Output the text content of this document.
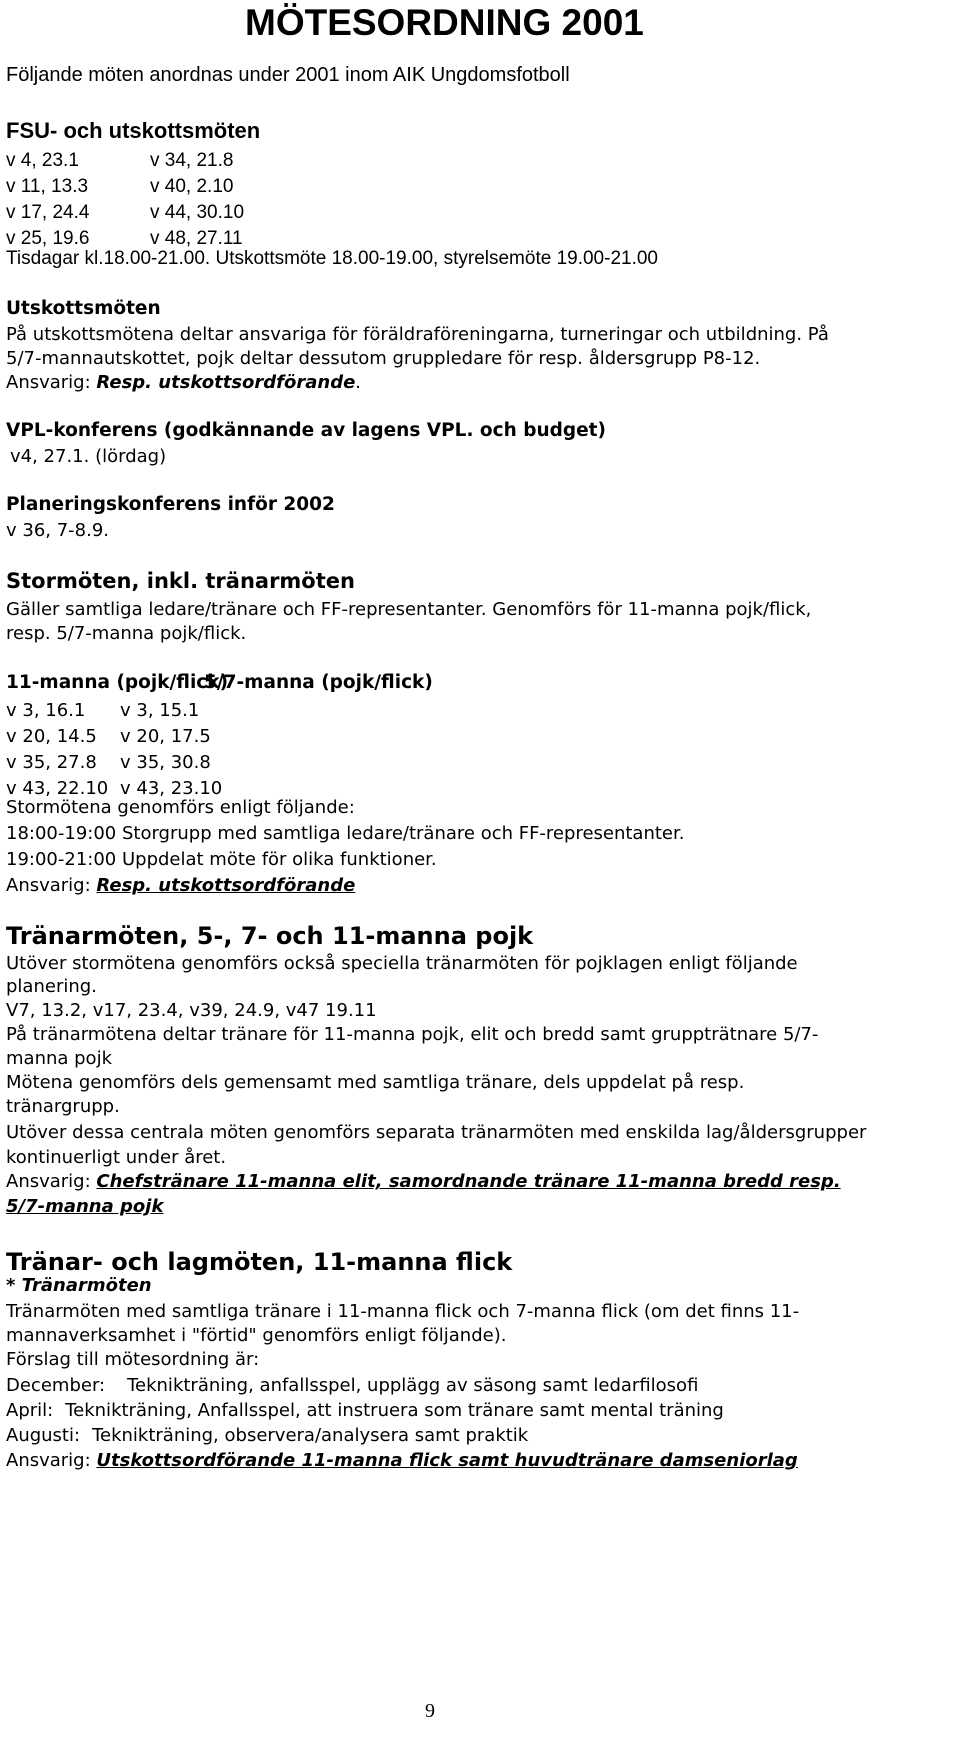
MÖTESORDNING 2001
Följande möten anordnas under 2001 inom AIK Ungdomsfotboll
FSU- och utskottsmöten
v 4, 23.1
v 11, 13.3
v 17, 24.4
v 25, 19.6
v 34, 21.8
v 40, 2.10
v 44, 30.10
v 48, 27.11
Tisdagar kl.18.00-21.00. Utskottsmöte 18.00-19.00, styrelsemöte 19.00-21.00
Utskottsmöten
På utskottsmötena deltar ansvariga för föräldraföreningarna, turneringar och utbildning. På
5/7-mannautskottet, pojk deltar dessutom gruppledare för resp. åldersgrupp P8-12.
Ansvarig: Resp. utskottsordförande.
VPL-konferens (godkännande av lagens VPL. och budget)
v4, 27.1. (lördag)
Planeringskonferens inför 2002
v 36, 7-8.9.
Stormöten, inkl. tränarmöten
Gäller samtliga ledare/tränare och FF-representanter. Genomförs för 11-manna pojk/flick,
resp. 5/7-manna pojk/flick.
11-manna (pojk/flick)
5/7-manna (pojk/flick)
v 3, 16.1
v 20, 14.5
v 35, 27.8
v 43, 22.10
v 3, 15.1
v 20, 17.5
v 35, 30.8
v 43, 23.10
Stormötena genomförs enligt följande:
18:00-19:00 Storgrupp med samtliga ledare/tränare och FF-representanter.
19:00-21:00 Uppdelat möte för olika funktioner.
Ansvarig: Resp. utskottsordförande
Tränarmöten, 5-, 7- och 11-manna pojk
Utöver stormötena genomförs också speciella tränarmöten för pojklagen enligt följande
planering.
V7, 13.2, v17, 23.4, v39, 24.9, v47 19.11
På tränarmötena deltar tränare för 11-manna pojk, elit och bredd samt gruppträtnare 5/7-
manna pojk
Mötena genomförs dels gemensamt med samtliga tränare, dels uppdelat på resp.
tränargrupp.
Utöver dessa centrala möten genomförs separata tränarmöten med enskilda lag/åldersgrupper
kontinuerligt under året.
Ansvarig: Chefstränare 11-manna elit, samordnande tränare 11-manna bredd resp.
5/7-manna pojk
Tränar- och lagmöten, 11-manna flick
* Tränarmöten
Tränarmöten med samtliga tränare i 11-manna flick och 7-manna flick (om det finns 11-
mannaverksamhet i "förtid" genomförs enligt följande).
Förslag till mötesordning är:
December: Teknikträning, anfallsspel, upplägg av säsong samt ledarfilosofi
April: Teknikträning, Anfallsspel, att instruera som tränare samt mental träning
Augusti: Teknikträning, observera/analysera samt praktik
Ansvarig: Utskottsordförande 11-manna flick samt huvudtränare damseniorlag
9
